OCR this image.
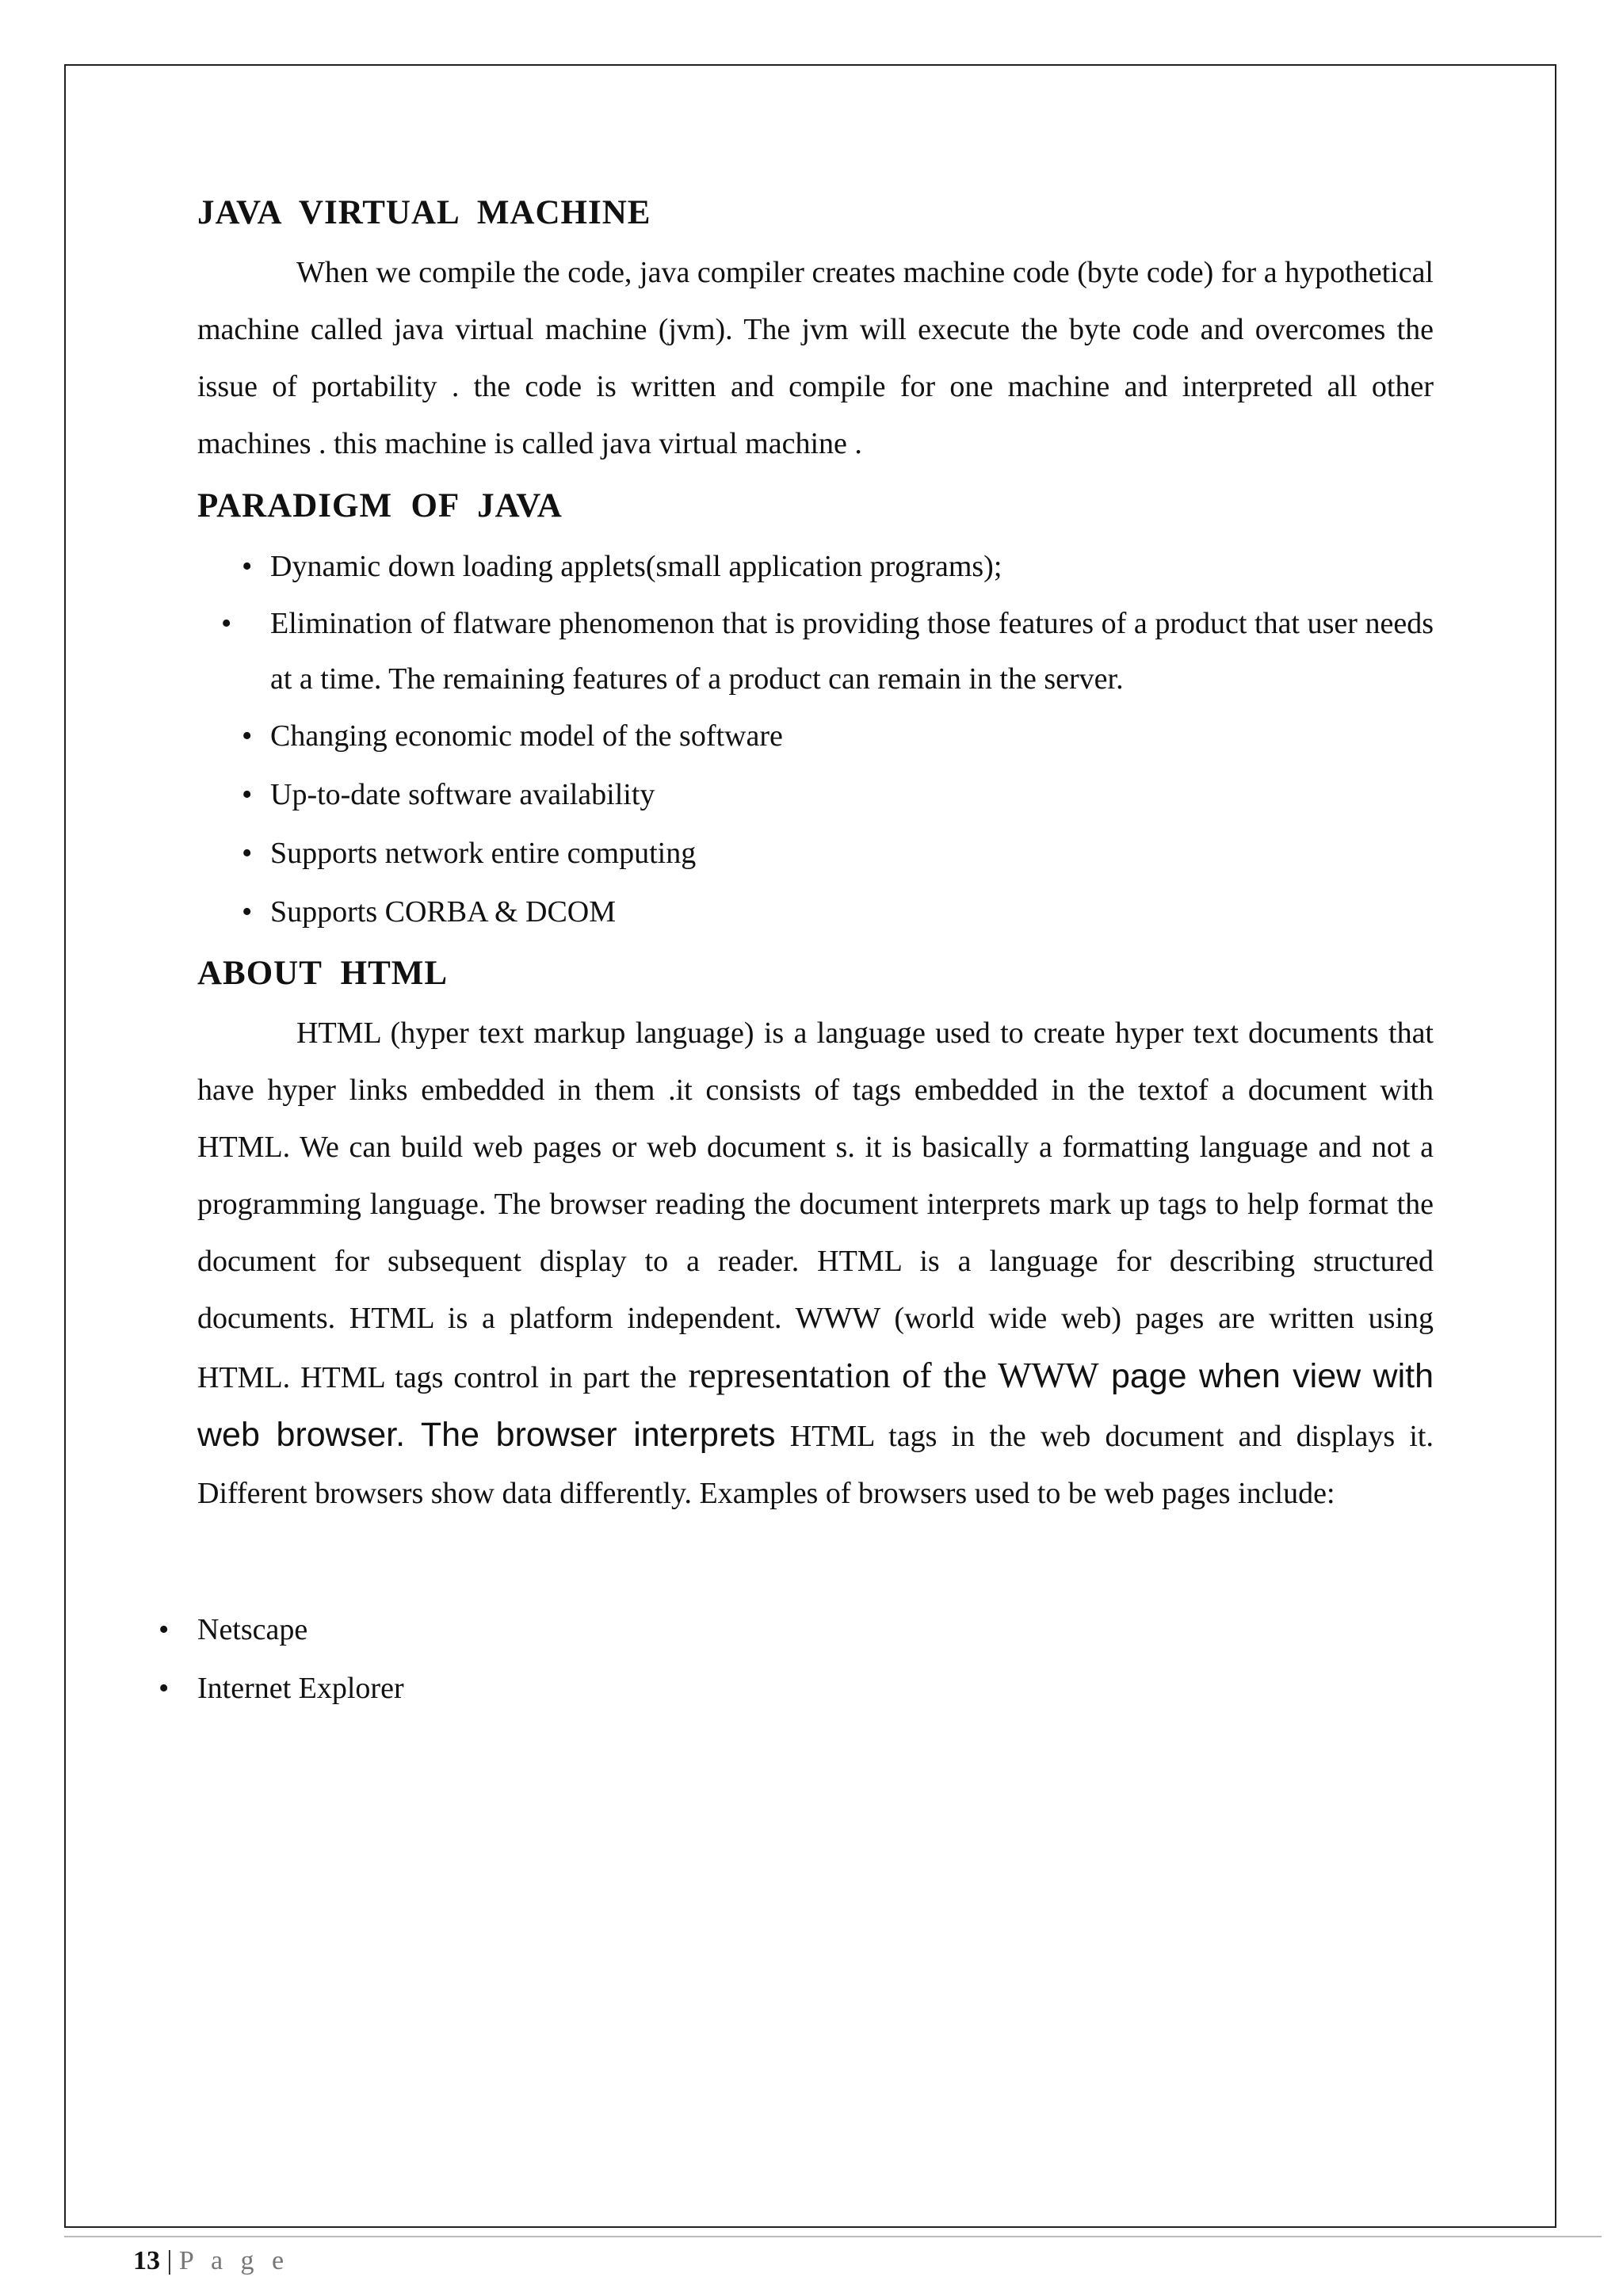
JAVA  VIRTUAL  MACHINE

When we compile the code, java compiler creates machine code (byte code) for a hypothetical machine called java virtual machine (jvm). The jvm will execute the byte code and overcomes the issue of portability . the code is written and compile for one machine and interpreted all other machines . this machine is called java virtual machine .

PARADIGM  OF  JAVA
• Dynamic down loading applets(small application programs);
• Elimination of flatware phenomenon that is providing those features of a product that user needs at a time. The remaining features of a product can remain in the server.
• Changing economic model of the software
• Up-to-date software availability
• Supports network entire computing
• Supports CORBA & DCOM
ABOUT  HTML

HTML (hyper text markup language) is a language used to create hyper text documents that have hyper links embedded in them .it consists of tags embedded in the textof a document with HTML. We can build web pages or web document s. it is basically a formatting language and not a programming language. The browser reading the document interprets mark up tags to help format the document for subsequent display to a reader. HTML is a language for describing structured documents. HTML is a platform independent. WWW (world wide web) pages are written using HTML. HTML tags control in part the representation of the WWW page when view with web browser. The browser interprets HTML tags in the web document and displays it. Different browsers show data differently. Examples of browsers used to be web pages include:

• Netscape
• Internet Explorer
13 | P a g e
